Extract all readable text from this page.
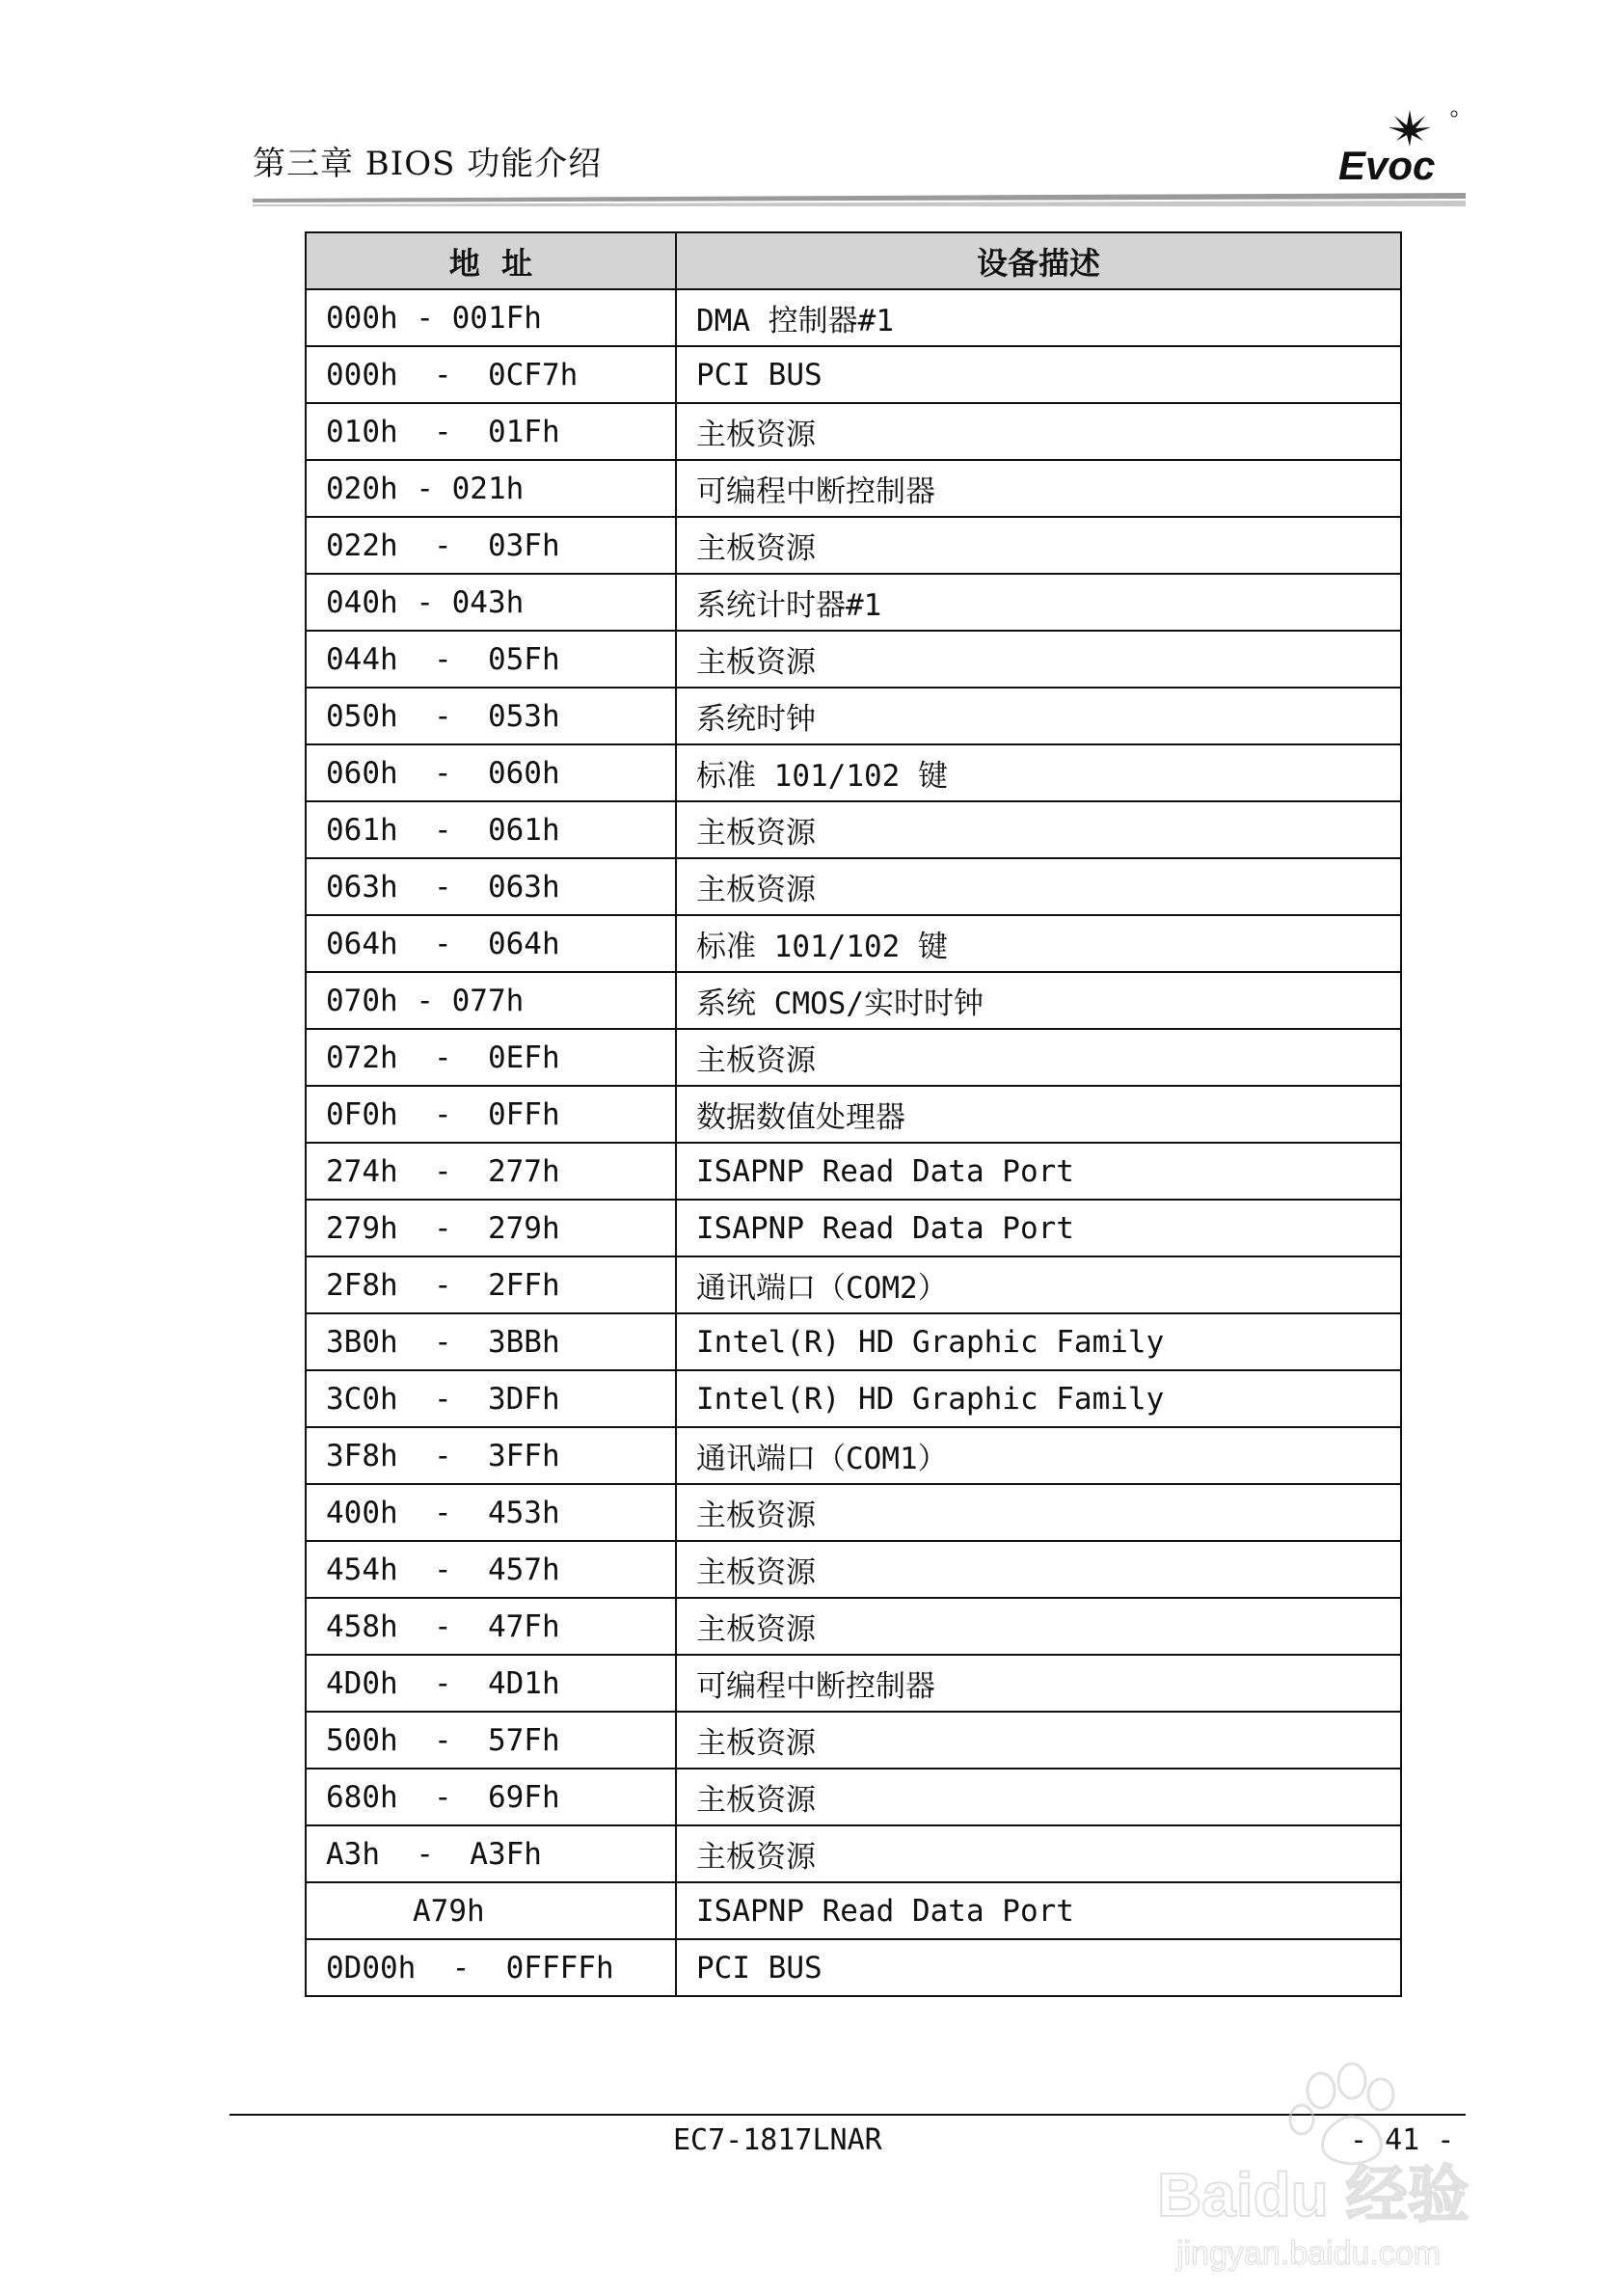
第三章 BIOS 功能介绍	Evoc
地  址	设备描述
000h - 001Fh	DMA 控制器#1
000h  -  0CF7h	PCI BUS
010h  -  01Fh	主板资源
020h - 021h	可编程中断控制器
022h  -  03Fh	主板资源
040h - 043h	系统计时器#1
044h  -  05Fh	主板资源
050h  -  053h	系统时钟
060h  -  060h	标准 101/102 键
061h  -  061h	主板资源
063h  -  063h	主板资源
064h  -  064h	标准 101/102 键
070h - 077h	系统 CMOS/实时时钟
072h  -  0EFh	主板资源
0F0h  -  0FFh	数据数值处理器
274h  -  277h	ISAPNP Read Data Port
279h  -  279h	ISAPNP Read Data Port
2F8h  -  2FFh	通讯端口（COM2）
3B0h  -  3BBh	Intel(R) HD Graphic Family
3C0h  -  3DFh	Intel(R) HD Graphic Family
3F8h  -  3FFh	通讯端口（COM1）
400h  -  453h	主板资源
454h  -  457h	主板资源
458h  -  47Fh	主板资源
4D0h  -  4D1h	可编程中断控制器
500h  -  57Fh	主板资源
680h  -  69Fh	主板资源
A3h  -  A3Fh	主板资源
A79h	ISAPNP Read Data Port
0D00h  -  0FFFFh	PCI BUS
EC7-1817LNAR	- 41 -
Baidu 经验
jingyan.baidu.com
